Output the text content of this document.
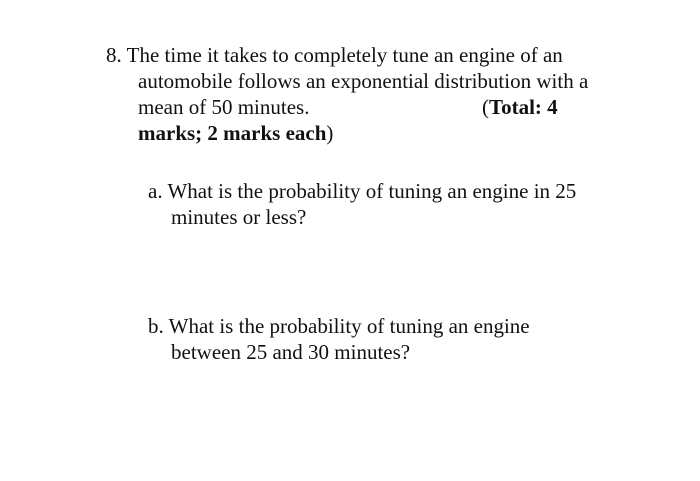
8. The time it takes to completely tune an engine of an
automobile follows an exponential distribution with a
mean of 50 minutes.	(Total: 4
marks; 2 marks each)
a. What is the probability of tuning an engine in 25
minutes or less?
b. What is the probability of tuning an engine
between 25 and 30 minutes?
